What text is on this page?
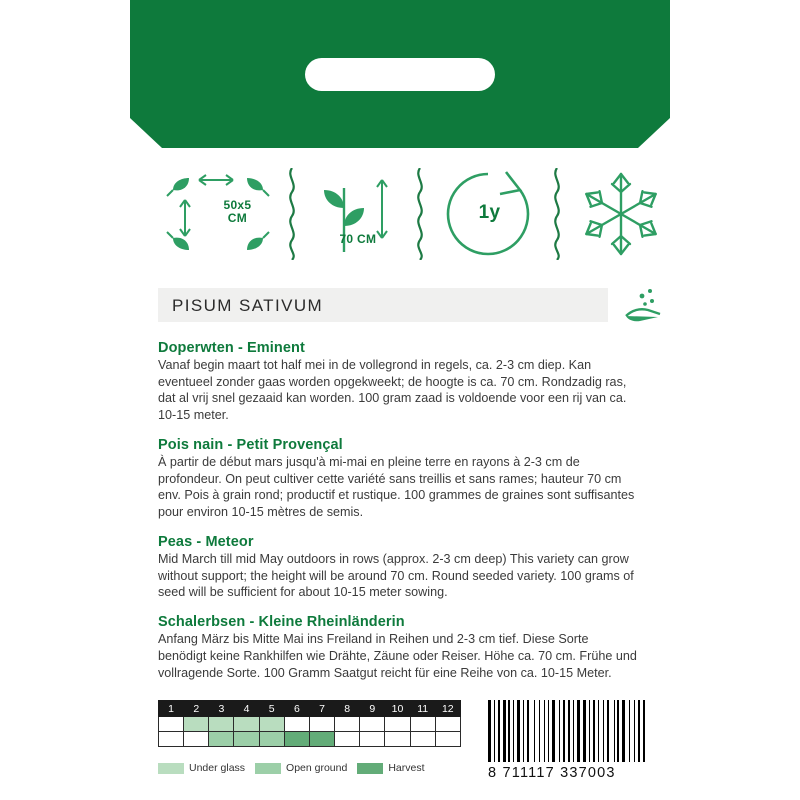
50x5
CM
70 CM
1y
PISUM SATIVUM
Doperwten - Eminent

Vanaf begin maart tot half mei in de vollegrond in regels, ca. 2-3 cm diep. Kan eventueel zonder gaas worden opgekweekt; de hoogte is ca. 70 cm. Rondzadig ras, dat al vrij snel gezaaid kan worden. 100 gram zaad is voldoende voor een rij van ca. 10-15 meter.

Pois nain - Petit Provençal

À partir de début mars jusqu'à mi-mai en pleine terre en rayons à 2-3 cm de profondeur. On peut cultiver cette variété sans treillis et sans rames; hauteur 70 cm env. Pois à grain rond; productif et rustique. 100 grammes de graines sont suffisantes pour environ 10-15 mètres de semis.

Peas - Meteor

Mid March till mid May outdoors in rows (approx. 2-3 cm deep) This variety can grow without support; the height will be around 70 cm. Round seeded variety. 100 grams of seed will be sufficient for about 10-15 meter sowing.

Schalerbsen - Kleine Rheinländerin

Anfang März bis Mitte Mai ins Freiland in Reihen und 2-3 cm tief. Diese Sorte benödigt keine Rankhilfen wie Drähte, Zäune oder Reiser. Höhe ca. 70 cm. Frühe und vollragende Sorte. 100 Gramm Saatgut reicht für eine Reihe von ca. 10-15 Meter.

1	2	3	4	5	6	7	8	9	10	11	12

Under glass	Open ground	Harvest	8 711117 337003
